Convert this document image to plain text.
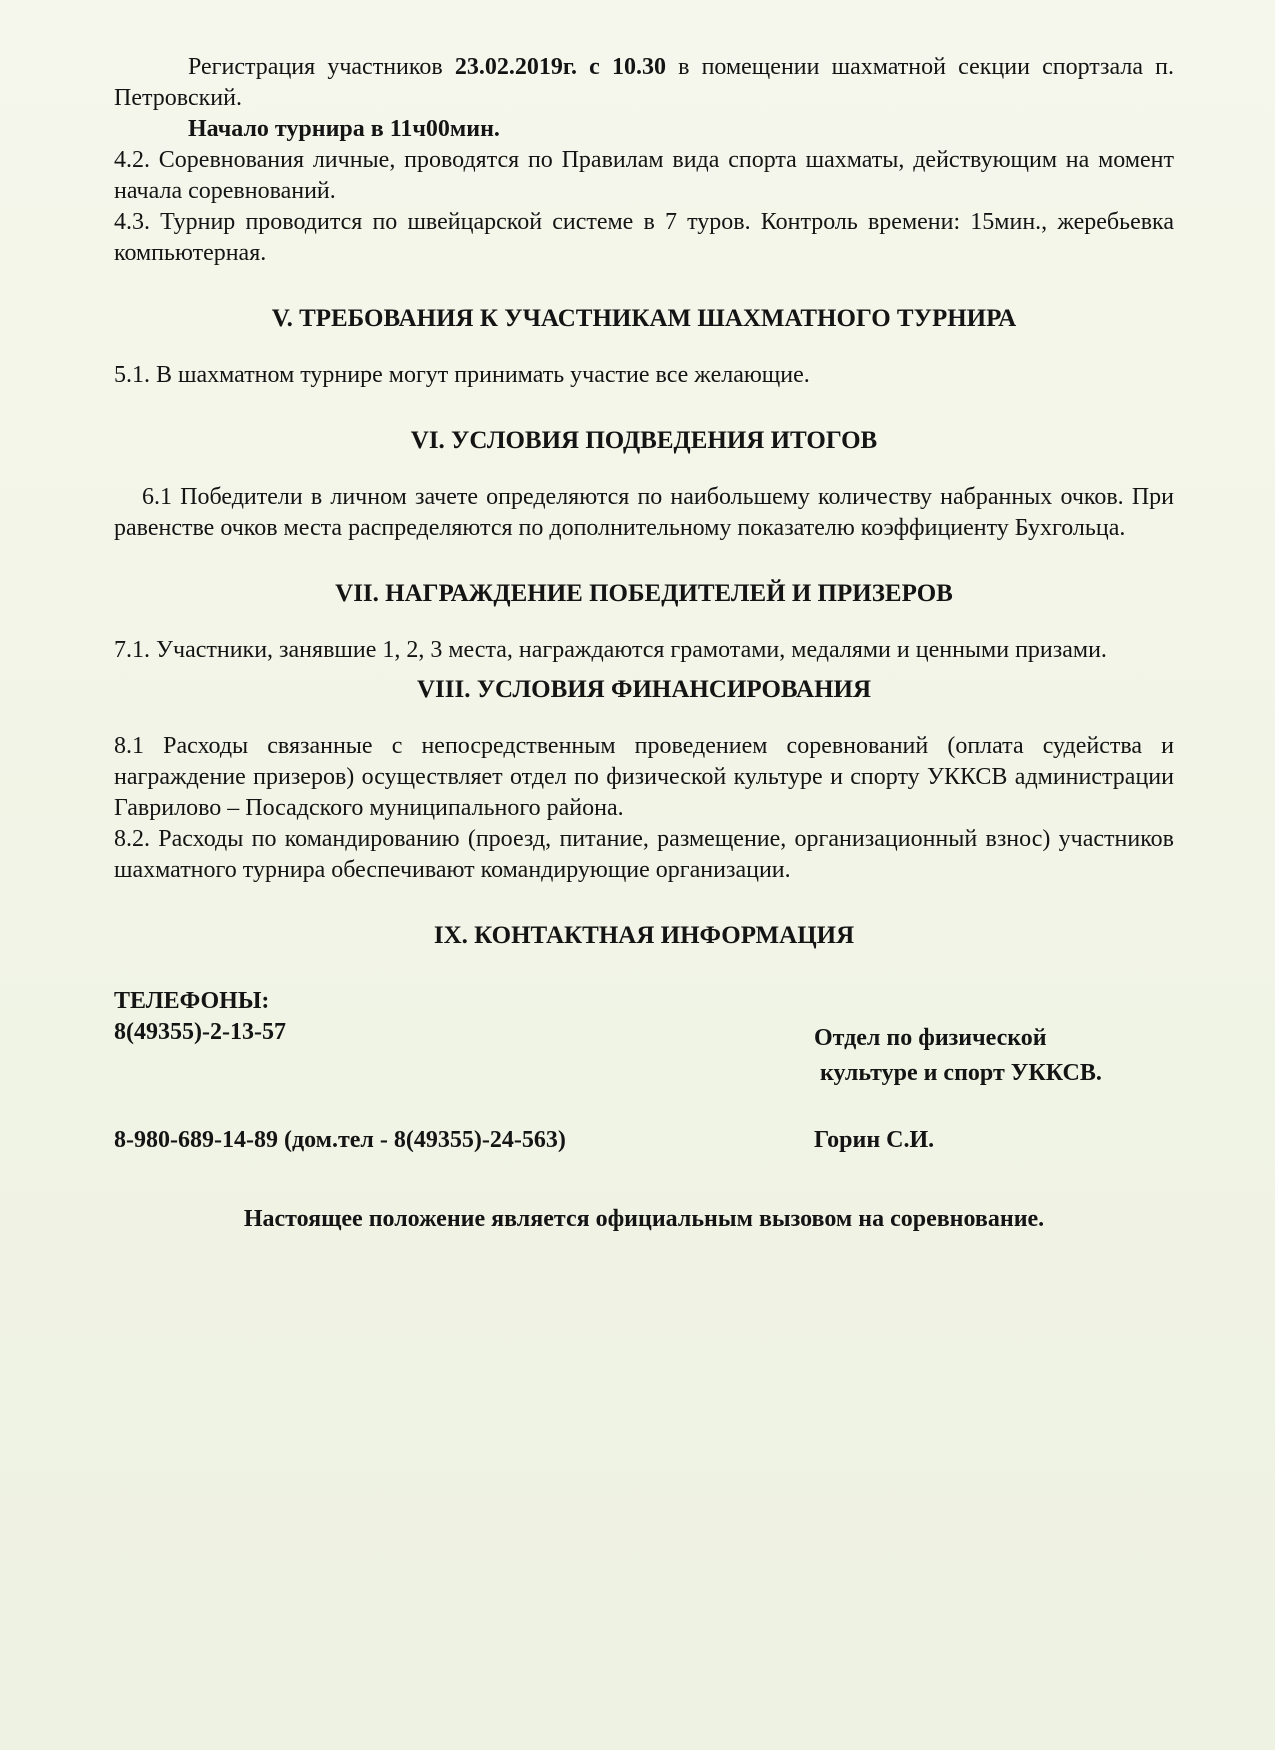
Регистрация участников 23.02.2019г. с 10.30 в помещении шахматной секции спортзала п. Петровский.

Начало турнира в 11ч00мин.

4.2. Соревнования личные, проводятся по Правилам вида спорта шахматы, действующим на момент начала соревнований.

4.3. Турнир проводится по швейцарской системе в 7 туров. Контроль времени: 15мин., жеребьевка компьютерная.

V. ТРЕБОВАНИЯ К УЧАСТНИКАМ ШАХМАТНОГО ТУРНИРА

5.1. В шахматном турнире могут принимать участие все желающие.

VI. УСЛОВИЯ ПОДВЕДЕНИЯ ИТОГОВ

6.1 Победители в личном зачете определяются по наибольшему количеству набранных очков. При равенстве очков места распределяются по дополнительному показателю коэффициенту Бухгольца.

VII. НАГРАЖДЕНИЕ ПОБЕДИТЕЛЕЙ И ПРИЗЕРОВ

7.1. Участники, занявшие 1, 2, 3 места, награждаются грамотами, медалями и ценными призами.

VIII. УСЛОВИЯ ФИНАНСИРОВАНИЯ

8.1 Расходы связанные с непосредственным проведением соревнований (оплата судейства и награждение призеров) осуществляет отдел по физической культуре и спорту УККСВ администрации Гаврилово – Посадского муниципального района.

8.2. Расходы по командированию (проезд, питание, размещение, организационный взнос) участников шахматного турнира обеспечивают командирующие организации.

IX. КОНТАКТНАЯ ИНФОРМАЦИЯ

ТЕЛЕФОНЫ:

8(49355)-2-13-57	Отдел по физической
культуре и спорт УККСВ.
8-980-689-14-89 (дом.тел - 8(49355)-24-563)	Горин С.И.

Настоящее положение является официальным вызовом на соревнование.
